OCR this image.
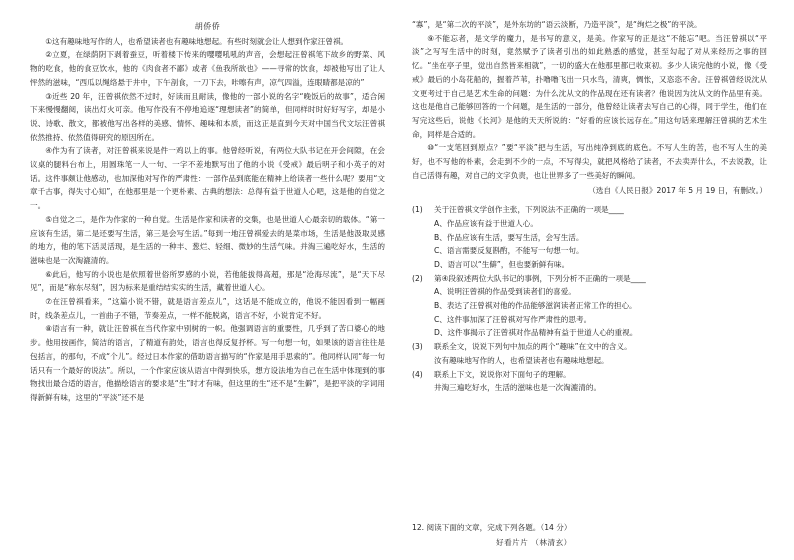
胡侨侨

①这有趣味地写作的人，也希望读者也有趣味地想起。有些时刻就会让人想到作家汪曾祺。

②立夏，在绿荫阴下剥着蚕豆，听着楼下传来的嘤嘤吼吼的声音，会想起汪曾祺笔下故乡的野菜、风物的吃食，他的食豆饮水，他的《肉食者不鄙》或者《鱼我所欲也》——寻常的饮食，却被他写出了让人怦然的滋味，“西瓜以绳络悬于井中，下午剖食，一刀下去，咔嚓有声，凉气四溢，连眼睛都是凉的”

③近些 20 年，汪曾祺依然不过时，好读而且耐读，像他的一部小说的名字“晚饭后的故事”，适合闲下来慢慢翻阅，读出灯火可亲。他写作没有不停地追逐“理想读者”的简单，但同样时时好好写字，却是小说、诗歌、散文，都被他写出各样的美感、情怀、趣味和本质，而这正是直到今天对中国当代文坛汪曾祺依然推持、依然值得研究的原因所在。

④作为有了读者，对汪曾祺来说是件一鸡以上的事。他曾经听说，有两位大队书记在开会间隙，在会议桌的腿料台布上，用圆珠笔一人一句、一字不差地默写出了他的小说《受戒》最后明子和小英子的对话。这件事颇让他感动，也加深他对写作的严肃性：一部作品到底能在精神上给读者一些什么呢？要用“文章千古事，得失寸心知”，在他那里是一个更朴素、古典的想法：总得有益于世道人心吧，这是他的自觉之一。

⑤自觉之二，是作为作家的一种自觉。生活是作家和读者的交集，也是世道人心最亲切的载体。“第一应该有生活，第二是还要写生活，第三是会写生活。”每到一地汪曾祺爱去的是菜市场，生活是他汲取灵感的地方，他的笔下活灵活现，是生活的一种丰、葱烂、轻细、微妙的生活气味。并淘三遍吃好水，生活的滋味也是一次淘漉清的。

⑥此后，他写的小说也是依照着世俗所罗感的小说，若他能拔得高超，那是“沧海尽流”，是“天下尽见”，而是“称东尽刻”，因为标来是重结结实实的生活，藏着世道人心。

⑦在汪曾祺看来，“这篇小说不错，就是语言差点儿”，这话是不能成立的，他说不能因看到一幅画时，线条差点儿，一首曲子不错，节奏差点，一样不能脱离，语言不好，小说肯定不好。

⑧语言有一种，就让汪曾祺在当代作家中别树的一帜。他强调语言的重要性，几乎到了苦口婆心的地步。他用按画作，简洁的语言，了精道有韵处，语言也得反复抒杯。写一句想一句，如果该的语言往往是包括言，的那句，不成“个儿”。经过日本作家的借助语言描写的“作家是用手思索的”。他同样认同“每一句话只有一个最好的说法”。所以，一个作家应该从语言中得到快乐，想方设法地为自己在生活中体现到的事物找出最合适的语言，他描绘语言的要求是“生”时才有味，但这里的生“还不是“生僻”，是把平淡的字词用得新鲜有味，这里的“平淡”还不是

“寡”，是“第二次的平淡”，是外东坊的“语云淡断，乃造平淡”，是“绚烂之极”的平淡。

⑨不能忘者，是文学的魔力，是书写的意义，是美。作家写的正是这“不能忘”吧。当汪曾祺以“平淡”之写写生活中的时刻，竟然赋予了读者引出的如此熟悉的感觉，甚至勾起了对从来经历之事的回忆。“坐在亭子里，觉出自然皆来相就”，一切的盛大在他那里都已收束初。多少人读完他的小说，像《受戒》最后的小岛花船的，握着芦苇，扑噜噜飞出一只水鸟，清爽，惆怅，又恣恣不舍。汪曾祺曾经说沈从文更考过于自己是艺术生命的问题：为什么沈从文的作品现在还有读者？他说因为沈从文的作品里有美。这也是他自己能够回答的一个问题，是生活的一部分，他曾经让读者去写自己的心得，同于学生，他们在写完这些后，说他《长河》是他的天天所说的：“好看的应该长远存在。”用这句话来理解汪曾祺的艺术生命，同样是合适的。

⑩“一支笔回到原点？”要“平淡”把与生活，写出纯净到底的底色。不写人生的苦，也不写人生的美好，也不写他的朴素，会走到不少的一点，不写得尖，就把风格给了读者，不去卖弄什么，不去说教，让自己活得有趣，对自己的文字负责，也让世界多了一些美好的瞬间。

（选自《人民日报》2017 年 5 月 19 日，有删改。）
(1)	关于汪曾祺文学创作主张，下列说法不正确的一项是____
A、作品应该有益于世道人心。
B、作品应该有生活，要写生活，会写生活。
C、语言需要反复斟酌，不能写一句想一句。
D、语言可以“生僻”，但也要新鲜有味。
(2)	第④段叙述两位大队书记的事例，下列分析不正确的一项是____
A、说明汪曾祺的作品受到读者们的喜爱。
B、表达了汪曾祺对他的作品能够滋润读者正常工作的担心。
C、这件事加深了汪曾祺对写作严肃性的思考。
D、这件事揭示了汪曾祺对作品精神有益于世道人心的重视。
(3)	联系全文，说说下列句中加点的两个“趣味”在文中的含义。
汝有趣味地写作的人，也希望读者也有趣味地想起。
(4)	联系上下文，说说你对下面句子的理解。
井淘三遍吃好水，生活的滋味也是一次淘漉清的。
12. 阅读下面的文章，完成下列各题。（14 分）
好看片片 （林清玄）
